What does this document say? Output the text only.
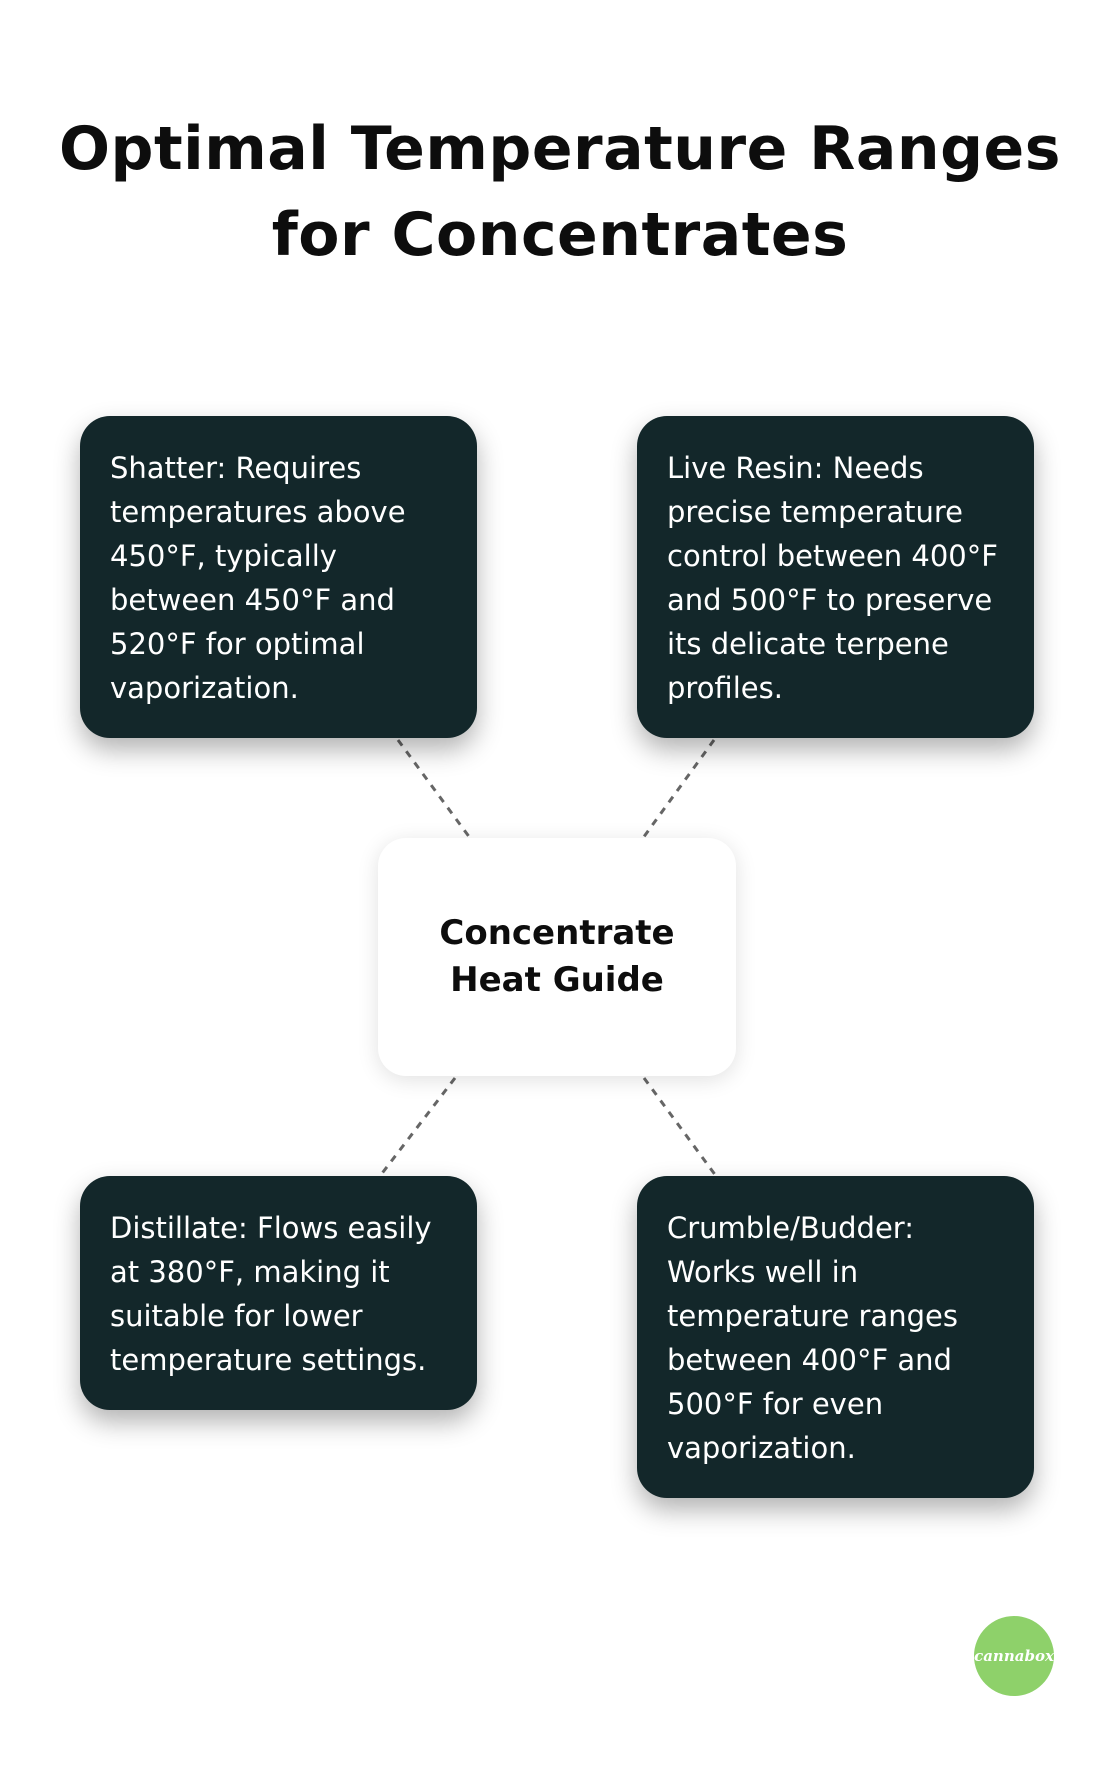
Optimal Temperature Ranges
for Concentrates
Shatter: Requires temperatures above 450°F, typically between 450°F and 520°F for optimal vaporization.
Live Resin: Needs precise temperature control between 400°F and 500°F to preserve its delicate terpene profiles.
Concentrate
Heat Guide
Distillate: Flows easily at 380°F, making it suitable for lower temperature settings.
Crumble/Budder: Works well in temperature ranges between 400°F and 500°F for even vaporization.
cannabox
